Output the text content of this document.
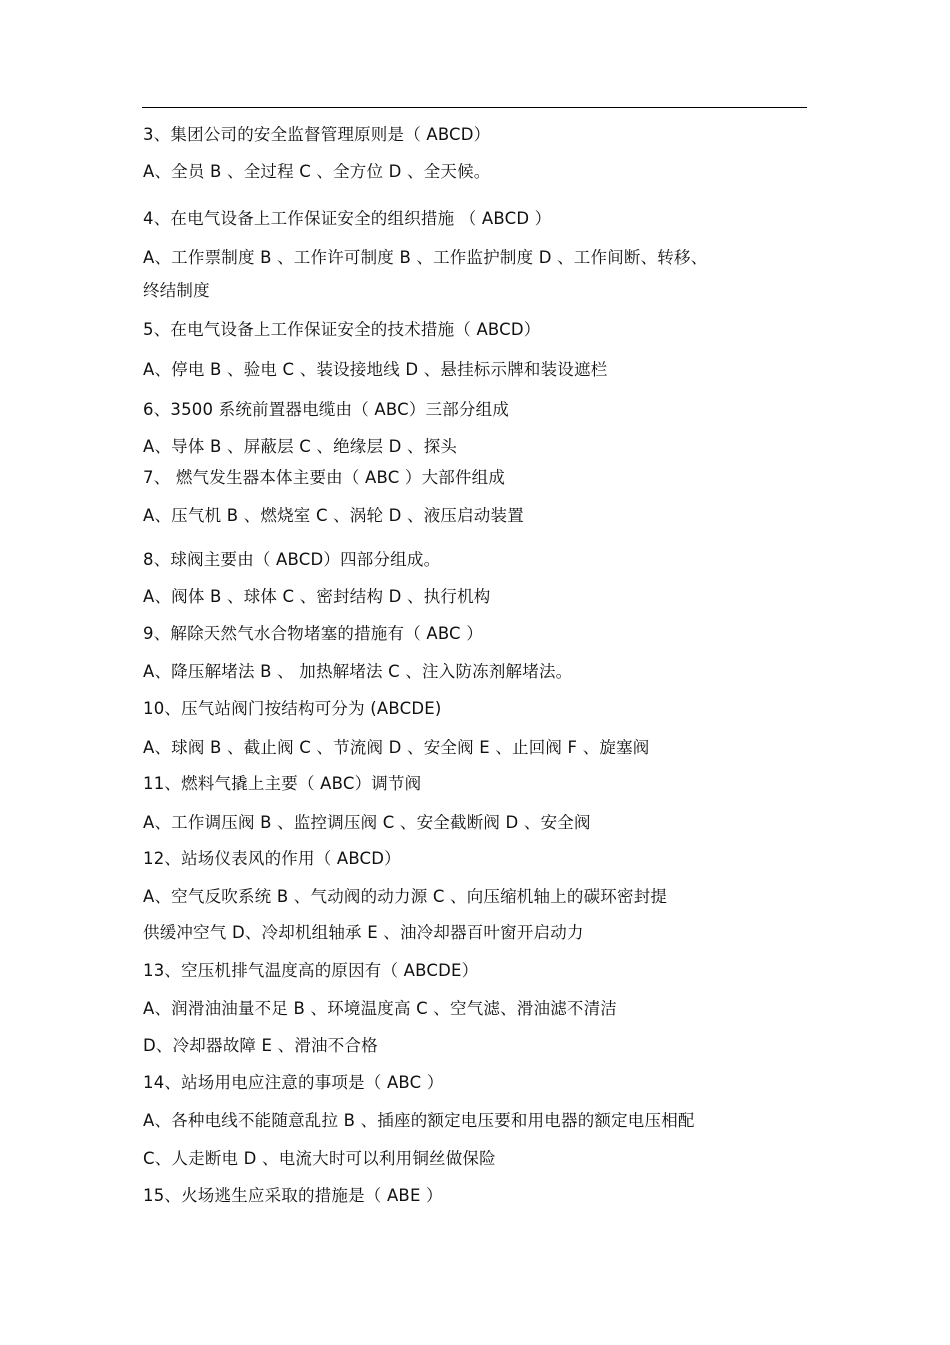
3、集团公司的安全监督管理原则是（ ABCD）
A、全员 B 、全过程 C 、全方位 D 、全天候。
4、在电气设备上工作保证安全的组织措施 （ ABCD ）
A、工作票制度 B 、工作许可制度 B 、工作监护制度 D 、工作间断、转移、
终结制度
5、在电气设备上工作保证安全的技术措施（ ABCD）
A、停电 B 、验电 C 、装设接地线 D 、悬挂标示牌和装设遮栏
6、3500 系统前置器电缆由（ ABC）三部分组成
A、导体 B 、屏蔽层 C 、绝缘层 D 、探头
7、 燃气发生器本体主要由（ ABC ）大部件组成
A、压气机 B 、燃烧室 C 、涡轮 D 、液压启动装置
8、球阀主要由（ ABCD）四部分组成。
A、阀体 B 、球体 C 、密封结构 D 、执行机构
9、解除天然气水合物堵塞的措施有（ ABC ）
A、降压解堵法 B 、 加热解堵法 C 、注入防冻剂解堵法。
10、压气站阀门按结构可分为 (ABCDE)
A、球阀 B 、截止阀 C 、节流阀 D 、安全阀 E 、止回阀 F 、旋塞阀
11、燃料气撬上主要（ ABC）调节阀
A、工作调压阀 B 、监控调压阀 C 、安全截断阀 D 、安全阀
12、站场仪表风的作用（ ABCD）
A、空气反吹系统 B 、气动阀的动力源 C 、向压缩机轴上的碳环密封提
供缓冲空气 D、冷却机组轴承 E 、油冷却器百叶窗开启动力
13、空压机排气温度高的原因有（ ABCDE）
A、润滑油油量不足 B 、环境温度高 C 、空气滤、滑油滤不清洁
D、冷却器故障 E 、滑油不合格
14、站场用电应注意的事项是（ ABC ）
A、各种电线不能随意乱拉 B 、插座的额定电压要和用电器的额定电压相配
C、人走断电 D 、电流大时可以利用铜丝做保险
15、火场逃生应采取的措施是（ ABE ）
